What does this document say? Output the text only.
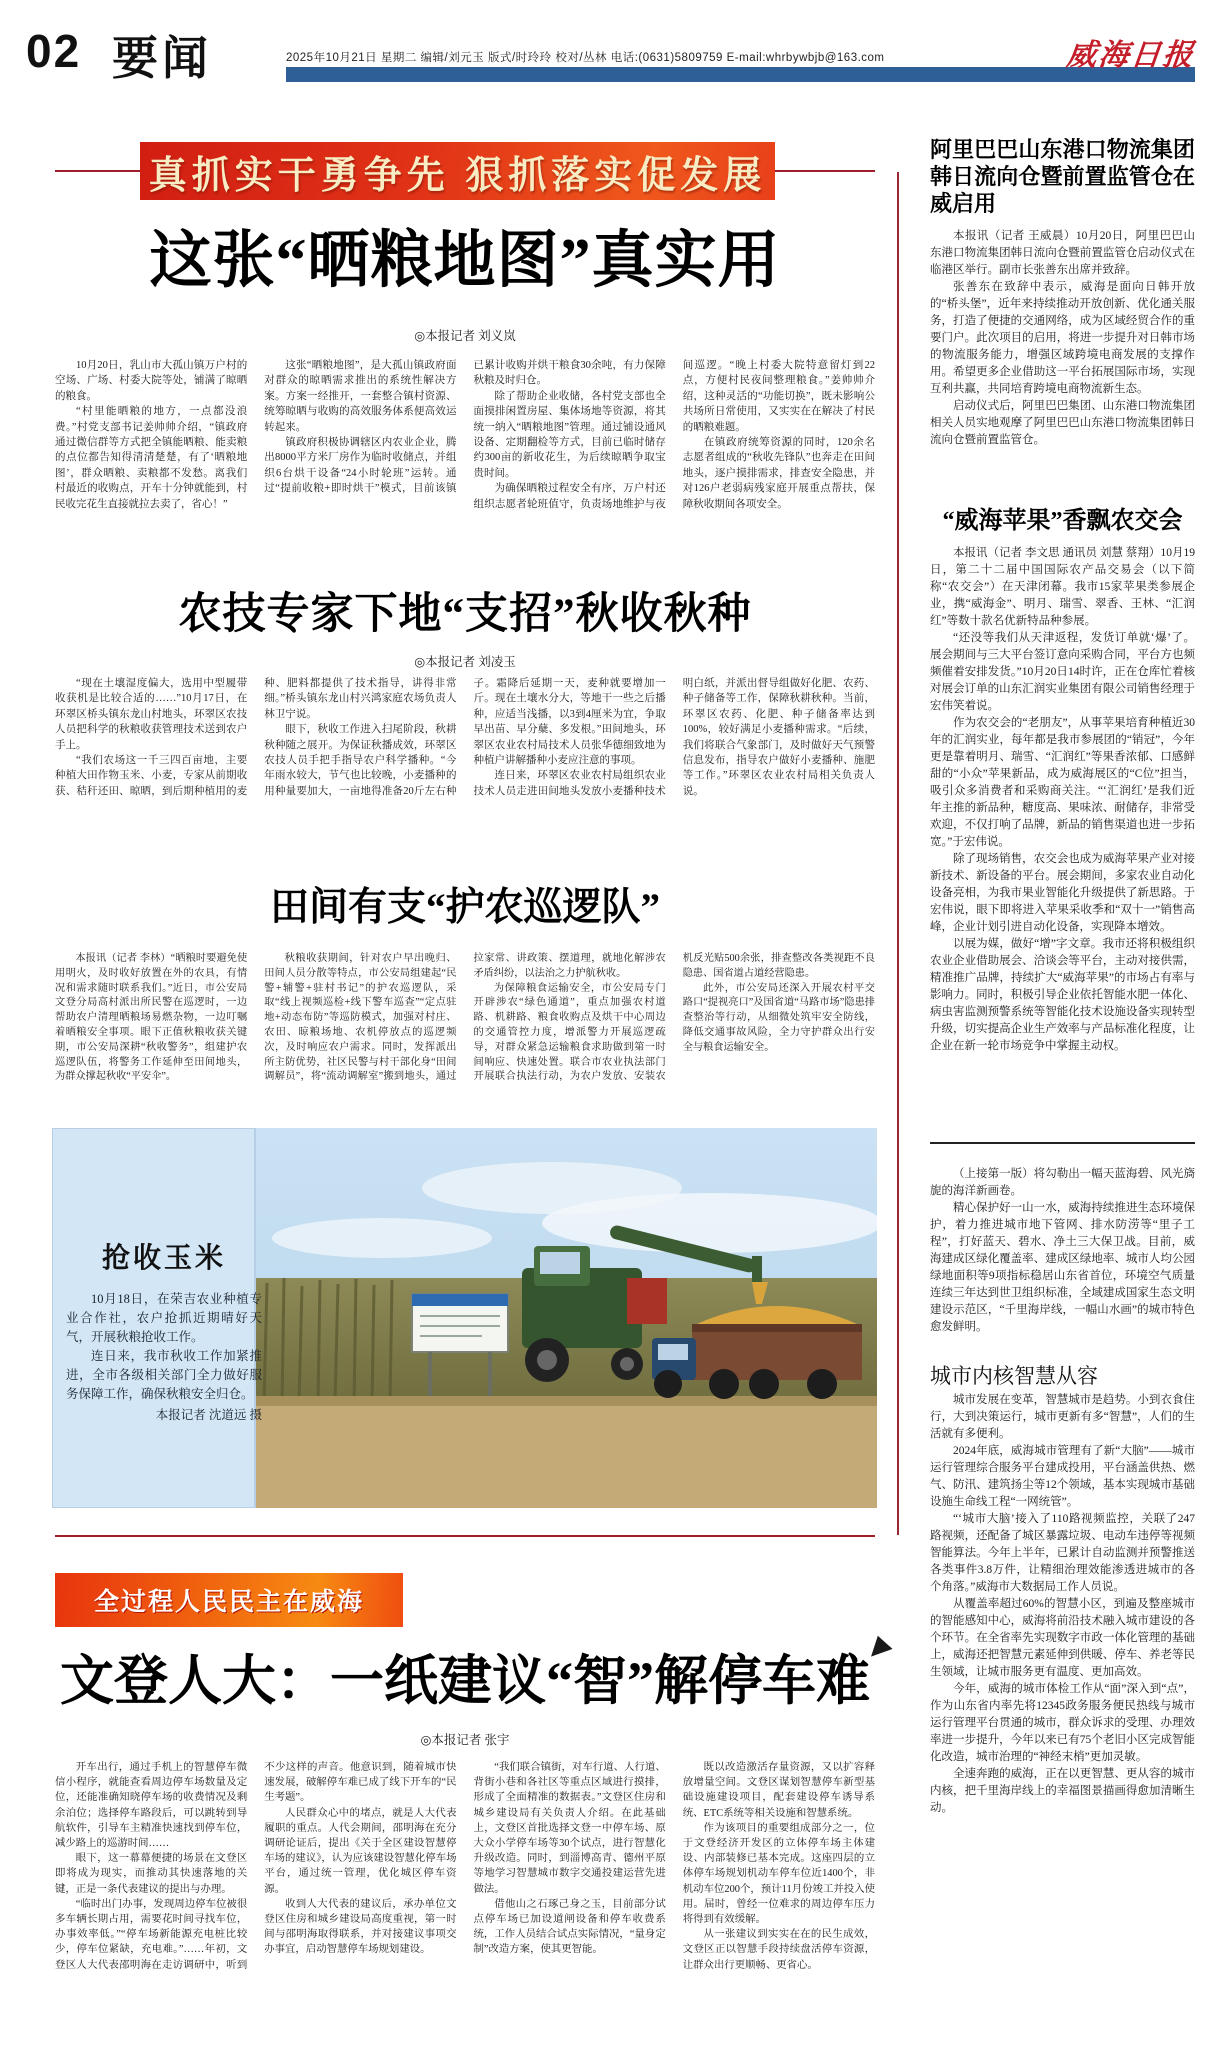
02 要闻	2025年10月21日 星期二 编辑/刘元玉 版式/时玲玲 校对/丛林 电话:(0631)5809759 E-mail:whrbywbjb@163.com	威海日报
真抓实干勇争先 狠抓落实促发展
这张“晒粮地图”真实用
◎本报记者 刘义岚

10月20日，乳山市大孤山镇万户村的空场、广场、村委大院等处，铺满了晾晒的粮食。

“村里能晒粮的地方，一点都没浪费。”村党支部书记姜帅帅介绍，“镇政府通过微信群等方式把全镇能晒粮、能卖粮的点位都告知得清清楚楚，有了‘晒粮地图’，群众晒粮、卖粮都不发愁。离我们村最近的收购点，开车十分钟就能到，村民收完花生直接就拉去卖了，省心！”

这张“晒粮地图”，是大孤山镇政府面对群众的晾晒需求推出的系统性解决方案。方案一经推开，一套整合镇村资源、统筹晾晒与收购的高效服务体系便高效运转起来。

镇政府积极协调辖区内农业企业，腾出8000平方米厂房作为临时收储点，并组织6台烘干设备“24小时轮班”运转。通过“提前收粮+即时烘干”模式，目前该镇已累计收购并烘干粮食30余吨，有力保障秋粮及时归仓。

除了帮助企业收储，各村党支部也全面摸排闲置房屋、集体场地等资源，将其统一纳入“晒粮地图”管理。通过铺设通风设备、定期翻检等方式，目前已临时储存约300亩的新收花生，为后续晾晒争取宝贵时间。

为确保晒粮过程安全有序，万户村还组织志愿者轮班值守，负责场地维护与夜间巡逻。“晚上村委大院特意留灯到22点，方便村民夜间整理粮食。”姜帅帅介绍，这种灵活的“功能切换”，既未影响公共场所日常使用，又实实在在解决了村民的晒粮难题。

在镇政府统筹资源的同时，120余名志愿者组成的“秋收先锋队”也奔走在田间地头，逐户摸排需求，排查安全隐患，并对126户老弱病残家庭开展重点帮扶，保障秋收期间各项安全。

农技专家下地“支招”秋收秋种
◎本报记者 刘凌玉

“现在土壤湿度偏大，选用中型履带收获机是比较合适的……”10月17日，在环翠区桥头镇东龙山村地头，环翠区农技人员把科学的秋粮收获管理技术送到农户手上。

“我们农场这一千三四百亩地，主要种植大田作物玉米、小麦，专家从前期收获、秸秆还田、晾晒，到后期种植用的麦种、肥料都提供了技术指导，讲得非常细。”桥头镇东龙山村兴鸿家庭农场负责人林卫宁说。

眼下，秋收工作进入扫尾阶段，秋耕秋种随之展开。为保证秋播成效，环翠区农技人员手把手指导农户科学播种。“今年雨水较大，节气也比较晚，小麦播种的用种量要加大，一亩地得准备20斤左右种子。霜降后延期一天，麦种就要增加一斤。现在土壤水分大，等地干一些之后播种，应适当浅播，以3到4厘米为宜，争取早出苗、早分蘖、多发根。”田间地头，环翠区农业农村局技术人员张华德细致地为种植户讲解播种小麦应注意的事项。

连日来，环翠区农业农村局组织农业技术人员走进田间地头发放小麦播种技术明白纸，并派出督导组做好化肥、农药、种子储备等工作，保障秋耕秋种。当前，环翠区农药、化肥、种子储备率达到100%，较好满足小麦播种需求。“后续，我们将联合气象部门，及时做好天气预警信息发布，指导农户做好小麦播种、施肥等工作。”环翠区农业农村局相关负责人说。

田间有支“护农巡逻队”

本报讯（记者 李林）“晒粮时要避免使用明火，及时收好放置在外的农具，有情况和需求随时联系我们。”近日，市公安局文登分局高村派出所民警在巡逻时，一边帮助农户清理晒粮场易燃杂物，一边叮嘱着晒粮安全事项。眼下正值秋粮收获关键期，市公安局深耕“秋收警务”，组建护农巡逻队伍，将警务工作延伸至田间地头，为群众撑起秋收“平安伞”。

秋粮收获期间，针对农户早出晚归、田间人员分散等特点，市公安局组建起“民警+辅警+驻村书记”的护农巡逻队，采取“线上视频巡检+线下警车巡查”“定点驻地+动态布防”等巡防模式，加强对村庄、农田、晾粮场地、农机停放点的巡逻频次，及时响应农户需求。同时，发挥派出所主防优势，社区民警与村干部化身“田间调解员”，将“流动调解室”搬到地头，通过拉家常、讲政策、摆道理，就地化解涉农矛盾纠纷，以法治之力护航秋收。

为保障粮食运输安全，市公安局专门开辟涉农“绿色通道”，重点加强农村道路、机耕路、粮食收购点及烘干中心周边的交通管控力度，增派警力开展巡逻疏导，对群众紧急运输粮食求助做到第一时间响应、快速处置。联合市农业执法部门开展联合执法行动，为农户发放、安装农机反光贴500余张，排查整改各类视距不良隐患、国省道占道经营隐患。

此外，市公安局还深入开展农村平交路口“提视亮口”及国省道“马路市场”隐患排查整治等行动，从细微处筑牢安全防线，降低交通事故风险，全力守护群众出行安全与粮食运输安全。

抢收玉米

10月18日，在荣吉农业种植专业合作社，农户抢抓近期晴好天气，开展秋粮抢收工作。

连日来，我市秋收工作加紧推进，全市各级相关部门全力做好服务保障工作，确保秋粮安全归仓。

本报记者 沈道远 摄

全过程人民民主在威海
文登人大：一纸建议“智”解停车难
◎本报记者 张宇

开车出行，通过手机上的智慧停车微信小程序，就能查看周边停车场数量及定位，还能准确知晓停车场的收费情况及剩余泊位；选择停车路段后，可以跳转到导航软件，引导车主精准快速找到停车位，减少路上的巡游时间……

眼下，这一幕幕便捷的场景在文登区即将成为现实，而推动其快速落地的关键，正是一条代表建议的提出与办理。

“临时出门办事，发现周边停车位被很多车辆长期占用，需要花时间寻找车位，办事效率低。”“停车场新能源充电桩比较少，停车位紧缺，充电难。”……年初，文登区人大代表邵明海在走访调研中，听到不少这样的声音。他意识到，随着城市快速发展，破解停车难已成了线下开车的“民生考题”。

人民群众心中的堵点，就是人大代表履职的重点。人代会期间，邵明海在充分调研论证后，提出《关于全区建设智慧停车场的建议》，认为应该建设智慧化停车场平台，通过统一管理，优化城区停车资源。

收到人大代表的建议后，承办单位文登区住房和城乡建设局高度重视，第一时间与邵明海取得联系，并对接建议事项交办事宜，启动智慧停车场规划建设。

“我们联合镇街，对车行道、人行道、背街小巷和各社区等重点区域进行摸排，形成了全面精准的数据表。”文登区住房和城乡建设局有关负责人介绍。在此基础上，文登区首批选择文登一中停车场、原大众小学停车场等30个试点，进行智慧化升级改造。同时，到淄博高青、德州平原等地学习智慧城市数字交通投建运营先进做法。

借他山之石琢己身之玉，目前部分试点停车场已加设道闸设备和停车收费系统，工作人员结合试点实际情况，“量身定制”改造方案，使其更智能。

既以改造激活存量资源，又以扩容释放增量空间。文登区谋划智慧停车新型基础设施建设项目，配套建设停车诱导系统、ETC系统等相关设施和智慧系统。

作为该项目的重要组成部分之一，位于文登经济开发区的立体停车场主体建设、内部装修已基本完成。这座四层的立体停车场规划机动车停车位近1400个，非机动车位200个，预计11月份竣工并投入使用。届时，曾经一位难求的周边停车压力将得到有效缓解。

从一张建议到实实在在的民生成效，文登区正以智慧手段持续盘活停车资源，让群众出行更顺畅、更省心。

阿里巴巴山东港口物流集团韩日流向仓暨前置监管仓在威启用

本报讯（记者 王威晨）10月20日，阿里巴巴山东港口物流集团韩日流向仓暨前置监管仓启动仪式在临港区举行。副市长张善东出席并致辞。

张善东在致辞中表示，威海是面向日韩开放的“桥头堡”，近年来持续推动开放创新、优化通关服务，打造了便捷的交通网络，成为区域经贸合作的重要门户。此次项目的启用，将进一步提升对日韩市场的物流服务能力，增强区域跨境电商发展的支撑作用。希望更多企业借助这一平台拓展国际市场，实现互利共赢，共同培育跨境电商物流新生态。

启动仪式后，阿里巴巴集团、山东港口物流集团相关人员实地观摩了阿里巴巴山东港口物流集团韩日流向仓暨前置监管仓。

“威海苹果”香飘农交会

本报讯（记者 李文思 通讯员 刘慧 蔡翔）10月19日，第二十二届中国国际农产品交易会（以下简称“农交会”）在天津闭幕。我市15家苹果类参展企业，携“威海金”、明月、瑞雪、翠香、王林、“汇润红”等数十款名优新特品种参展。

“还没等我们从天津返程，发货订单就‘爆’了。展会期间与三大平台签订意向采购合同，平台方也频频催着安排发货。”10月20日14时许，正在仓库忙着核对展会订单的山东汇润实业集团有限公司销售经理于宏伟笑着说。

作为农交会的“老朋友”，从事苹果培育种植近30年的汇润实业，每年都是我市参展团的“销冠”，今年更是靠着明月、瑞雪、“汇润红”等果香浓郁、口感鲜甜的“小众”苹果新品，成为威海展区的“C位”担当，吸引众多消费者和采购商关注。“‘汇润红’是我们近年主推的新品种，糖度高、果味浓、耐储存，非常受欢迎，不仅打响了品牌，新品的销售渠道也进一步拓宽。”于宏伟说。

除了现场销售，农交会也成为威海苹果产业对接新技术、新设备的平台。展会期间，多家农业自动化设备亮相，为我市果业智能化升级提供了新思路。于宏伟说，眼下即将进入苹果采收季和“双十一”销售高峰，企业计划引进自动化设备，实现降本增效。

以展为媒，做好“增”字文章。我市还将积极组织农业企业借助展会、洽谈会等平台，主动对接供需，精准推广品牌，持续扩大“威海苹果”的市场占有率与影响力。同时，积极引导企业依托智能水肥一体化、病虫害监测预警系统等智能化技术设施设备实现转型升级，切实提高企业生产效率与产品标准化程度，让企业在新一轮市场竞争中掌握主动权。

（上接第一版）将勾勒出一幅天蓝海碧、风光旖旎的海洋新画卷。

精心保护好一山一水，威海持续推进生态环境保护，着力推进城市地下管网、排水防涝等“里子工程”，打好蓝天、碧水、净土三大保卫战。目前，威海建成区绿化覆盖率、建成区绿地率、城市人均公园绿地面积等9项指标稳居山东省首位，环境空气质量连续三年达到世卫组织标准，全域建成国家生态文明建设示范区，“千里海岸线，一幅山水画”的城市特色愈发鲜明。

城市内核智慧从容

城市发展在变革，智慧城市是趋势。小到衣食住行，大到决策运行，城市更新有多“智慧”，人们的生活就有多便利。

2024年底，威海城市管理有了新“大脑”——城市运行管理综合服务平台建成投用，平台涵盖供热、燃气、防汛、建筑扬尘等12个领域，基本实现城市基础设施生命线工程“一网统管”。

“‘城市大脑’接入了110路视频监控，关联了247路视频，还配备了城区暴露垃圾、电动车违停等视频智能算法。今年上半年，已累计自动监测并预警推送各类事件3.8万件，让精细治理效能渗透进城市的各个角落。”威海市大数据局工作人员说。

从覆盖率超过60%的智慧小区，到遍及整座城市的智能感知中心，威海将前沿技术融入城市建设的各个环节。在全省率先实现数字市政一体化管理的基础上，威海还把智慧元素延伸到供暖、停车、养老等民生领域，让城市服务更有温度、更加高效。

今年，威海的城市体检工作从“面”深入到“点”，作为山东省内率先将12345政务服务便民热线与城市运行管理平台贯通的城市，群众诉求的受理、办理效率进一步提升，今年以来已有75个老旧小区完成智能化改造，城市治理的“神经末梢”更加灵敏。

全速奔跑的威海，正在以更智慧、更从容的城市内核，把千里海岸线上的幸福图景描画得愈加清晰生动。
